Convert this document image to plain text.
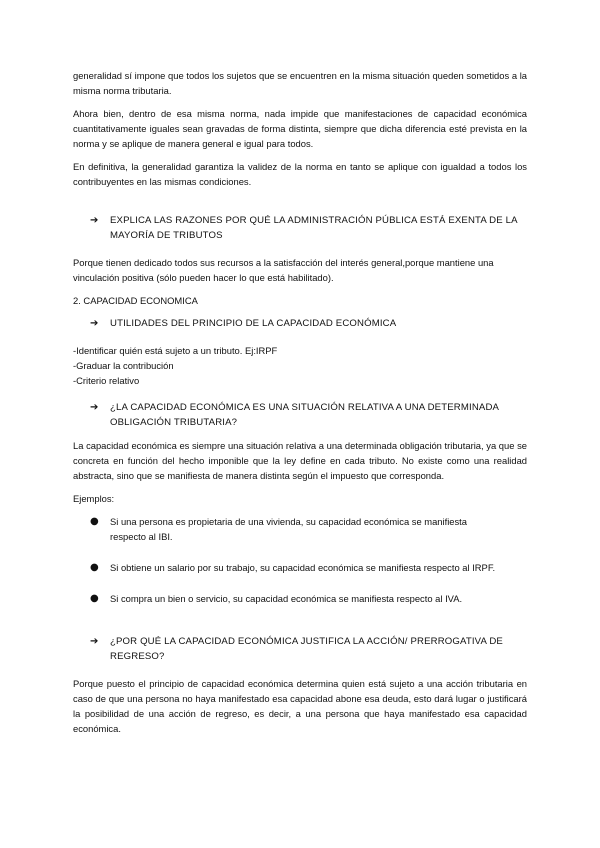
generalidad sí impone que todos los sujetos que se encuentren en la misma situación queden sometidos a la misma norma tributaria.

Ahora bien, dentro de esa misma norma, nada impide que manifestaciones de capacidad económica cuantitativamente iguales sean gravadas de forma distinta, siempre que dicha diferencia esté prevista en la norma y se aplique de manera general e igual para todos.

En definitiva, la generalidad garantiza la validez de la norma en tanto se aplique con igualdad a todos los contribuyentes en las mismas condiciones.

➔	EXPLICA LAS RAZONES POR QUÉ LA ADMINISTRACIÓN PÚBLICA ESTÁ EXENTA DE LA MAYORÍA DE TRIBUTOS

Porque tienen dedicado todos sus recursos a la satisfacción del interés general,porque mantiene una vinculación positiva (sólo pueden hacer lo que está habilitado).

2. CAPACIDAD ECONOMICA

➔	UTILIDADES DEL PRINCIPIO DE LA CAPACIDAD ECONÓMICA

-Identificar quién está sujeto a un tributo. Ej:IRPF

-Graduar la contribución

-Criterio relativo

➔	¿LA CAPACIDAD ECONÓMICA ES UNA SITUACIÓN RELATIVA A UNA DETERMINADA OBLIGACIÓN TRIBUTARIA?

La capacidad económica es siempre una situación relativa a una determinada obligación tributaria, ya que se concreta en función del hecho imponible que la ley define en cada tributo. No existe como una realidad abstracta, sino que se manifiesta de manera distinta según el impuesto que corresponda.

Ejemplos:

●	Si una persona es propietaria de una vivienda, su capacidad económica se manifiesta respecto al IBI.
●	Si obtiene un salario por su trabajo, su capacidad económica se manifiesta respecto al IRPF.
●	Si compra un bien o servicio, su capacidad económica se manifiesta respecto al IVA.
➔	¿POR QUÉ LA CAPACIDAD ECONÓMICA JUSTIFICA LA ACCIÓN/ PRERROGATIVA DE REGRESO?

Porque puesto el principio de capacidad económica determina quien está sujeto a una acción tributaria en caso de que una persona no haya manifestado esa capacidad abone esa deuda, esto dará lugar o justificará la posibilidad de una acción de regreso, es decir, a una persona que haya manifestado esa capacidad económica.
